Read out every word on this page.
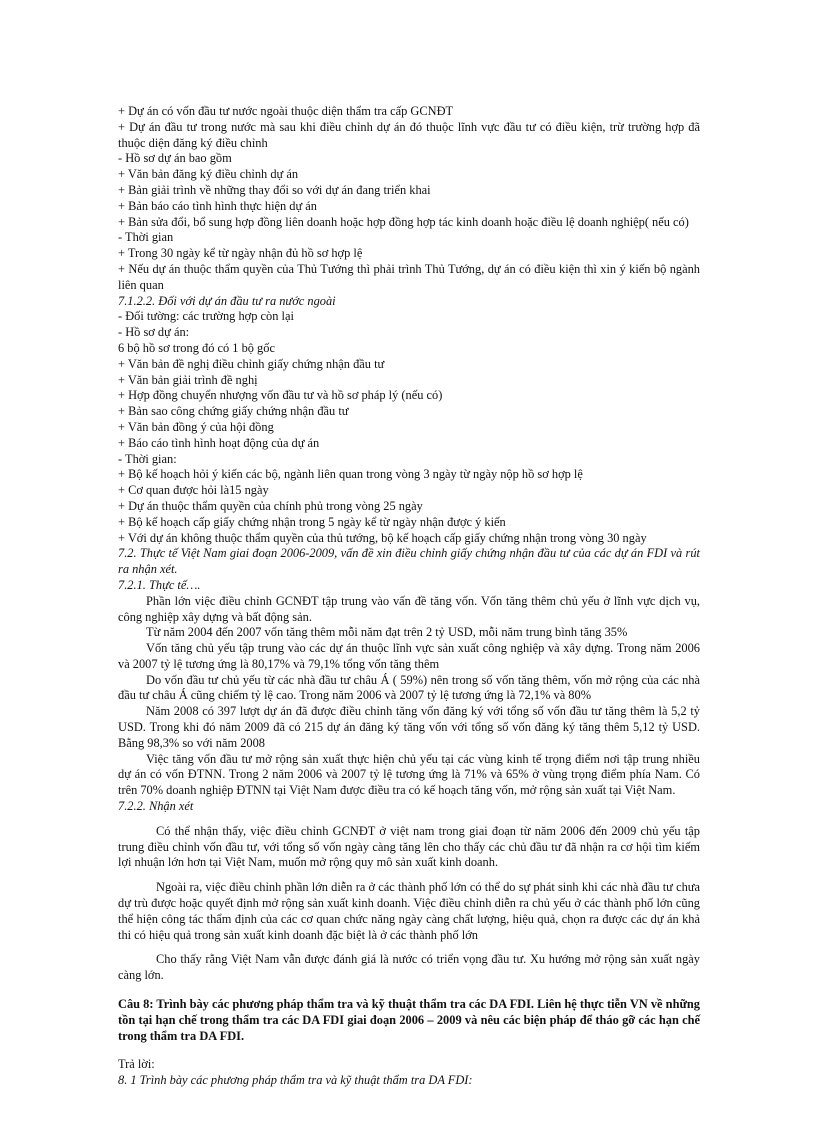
+ Dự án có vốn đầu tư nước ngoài thuộc diện thẩm tra cấp GCNĐT

+ Dự án đầu tư trong nước mà sau khi điều chỉnh dự án đó thuộc lĩnh vực đầu tư có điều kiện, trừ trường hợp đã thuộc diện đăng ký điều chỉnh

- Hồ sơ dự án bao gồm

+ Văn bản đăng ký điều chỉnh dự án

+ Bản giải trình về những thay đổi so với dự án đang triển khai

+ Bản báo cáo tình hình thực hiện dự án

+ Bản sửa đổi, bổ sung hợp đồng liên doanh hoặc hợp đồng hợp tác kinh doanh hoặc điều lệ doanh nghiệp( nếu có)

- Thời gian

+ Trong 30 ngày kể từ ngày nhận đủ hồ sơ hợp lệ

+ Nếu dự án thuộc thẩm quyền của Thủ Tướng thì phải trình Thủ Tướng, dự án có điều kiện thì xin ý kiến bộ ngành liên quan

7.1.2.2. Đối với dự án đầu tư ra nước ngoài

- Đối tường: các trường hợp còn lại

- Hồ sơ dự án:

6 bộ hồ sơ trong đó có 1 bộ gốc

+ Văn bản đề nghị điều chỉnh giấy chứng nhận đầu tư

+ Văn bản giải trình đề nghị

+ Hợp đồng chuyển nhượng vốn đầu tư và hồ sơ pháp lý (nếu có)

+ Bản sao công chứng giấy chứng nhận đầu tư

+ Văn bản đồng ý của hội đồng

+ Báo cáo tình hình hoạt động của dự án

- Thời gian:

+ Bộ kế hoạch hỏi ý kiến các bộ, ngành liên quan trong vòng 3 ngày từ ngày nộp hồ sơ hợp lệ

+ Cơ quan được hỏi là15 ngày

+ Dự án thuộc thẩm quyền của chính phủ trong vòng 25 ngày

+ Bộ kế hoạch cấp giấy chứng nhận trong 5 ngày kể từ ngày nhận được ý kiến

+ Với dự án không thuộc thẩm quyền của thủ tướng, bộ kế hoạch cấp giấy chứng nhận trong vòng 30 ngày

7.2. Thực tế Việt Nam giai đoạn 2006-2009, vấn đề xin điều chỉnh giấy chứng nhận đầu tư của các dự án FDI và rút ra nhận xét.

7.2.1. Thực tế….

Phần lớn việc điều chỉnh GCNĐT tập trung vào vấn đề tăng vốn. Vốn tăng thêm chủ yếu ở lĩnh vực dịch vụ, công nghiệp xây dựng và bất động sản.

Từ năm 2004 đến 2007 vốn tăng thêm mỗi năm đạt trên 2 tỷ USD, mỗi năm trung bình tăng 35%

Vốn tăng chủ yếu tập trung vào các dự án thuộc lĩnh vực sản xuất công nghiệp và xây dựng. Trong năm 2006 và 2007 tỷ lệ tương ứng là 80,17% và 79,1% tổng vốn tăng thêm

Do vốn đầu tư chủ yếu từ các nhà đầu tư châu Á ( 59%) nên trong số vốn tăng thêm, vốn mở rộng của các nhà đầu tư châu Á cũng chiếm tỷ lệ cao. Trong năm 2006 và 2007 tỷ lệ tương ứng là 72,1% và 80%

Năm 2008 có 397 lượt dự án đã được điều chỉnh tăng vốn đăng ký với tổng số vốn đầu tư tăng thêm là 5,2 tỷ USD. Trong khi đó năm 2009 đã có 215 dự án đăng ký tăng vốn với tổng số vốn đăng ký tăng thêm 5,12 tỷ USD. Bằng 98,3% so với năm 2008

Việc tăng vốn đầu tư mở rộng sản xuất thực hiện chủ yếu tại các vùng kinh tế trọng điểm nơi tập trung nhiều dự án có vốn ĐTNN. Trong 2 năm 2006 và 2007 tỷ lệ tương ứng là 71% và 65% ở vùng trọng điểm phía Nam. Có trên 70% doanh nghiệp ĐTNN tại Việt Nam được điều tra có kế hoạch tăng vốn, mở rộng sản xuất tại Việt Nam.

7.2.2. Nhận xét

Có thể nhận thấy, việc điều chỉnh GCNĐT ở việt nam trong giai đoạn từ năm 2006 đến 2009 chủ yếu tập trung điều chỉnh vốn đầu tư, với tổng số vốn ngày càng tăng lên cho thấy các chủ đầu tư đã nhận ra cơ hội tìm kiếm lợi nhuận lớn hơn tại Việt Nam, muốn mở rộng quy mô sản xuất kinh doanh.

Ngoài ra, việc điều chỉnh phần lớn diễn ra ở các thành phố lớn có thể do sự phát sinh khi các nhà đầu tư chưa dự trù được hoặc quyết định mở rộng sản xuất kinh doanh. Việc điều chỉnh diễn ra chủ yếu ở các thành phố lớn cũng thể hiện công tác thẩm định của các cơ quan chức năng ngày càng chất lượng, hiệu quả, chọn ra được các dự án khả thi có hiệu quả trong sản xuất kinh doanh đặc biệt là ở các thành phố lớn

Cho thấy rằng Việt Nam vẫn được đánh giá là nước có triển vọng đầu tư. Xu hướng mở rộng sản xuất ngày càng lớn.

Câu 8: Trình bày các phương pháp thẩm tra và kỹ thuật thẩm tra các DA FDI. Liên hệ thực tiễn VN về những tồn tại hạn chế trong thẩm tra các DA FDI giai đoạn 2006 – 2009 và nêu các biện pháp để tháo gỡ các hạn chế trong thẩm tra DA FDI.

Trả lời:

8. 1 Trình bày các phương pháp thẩm tra và kỹ thuật thẩm tra DA FDI:
